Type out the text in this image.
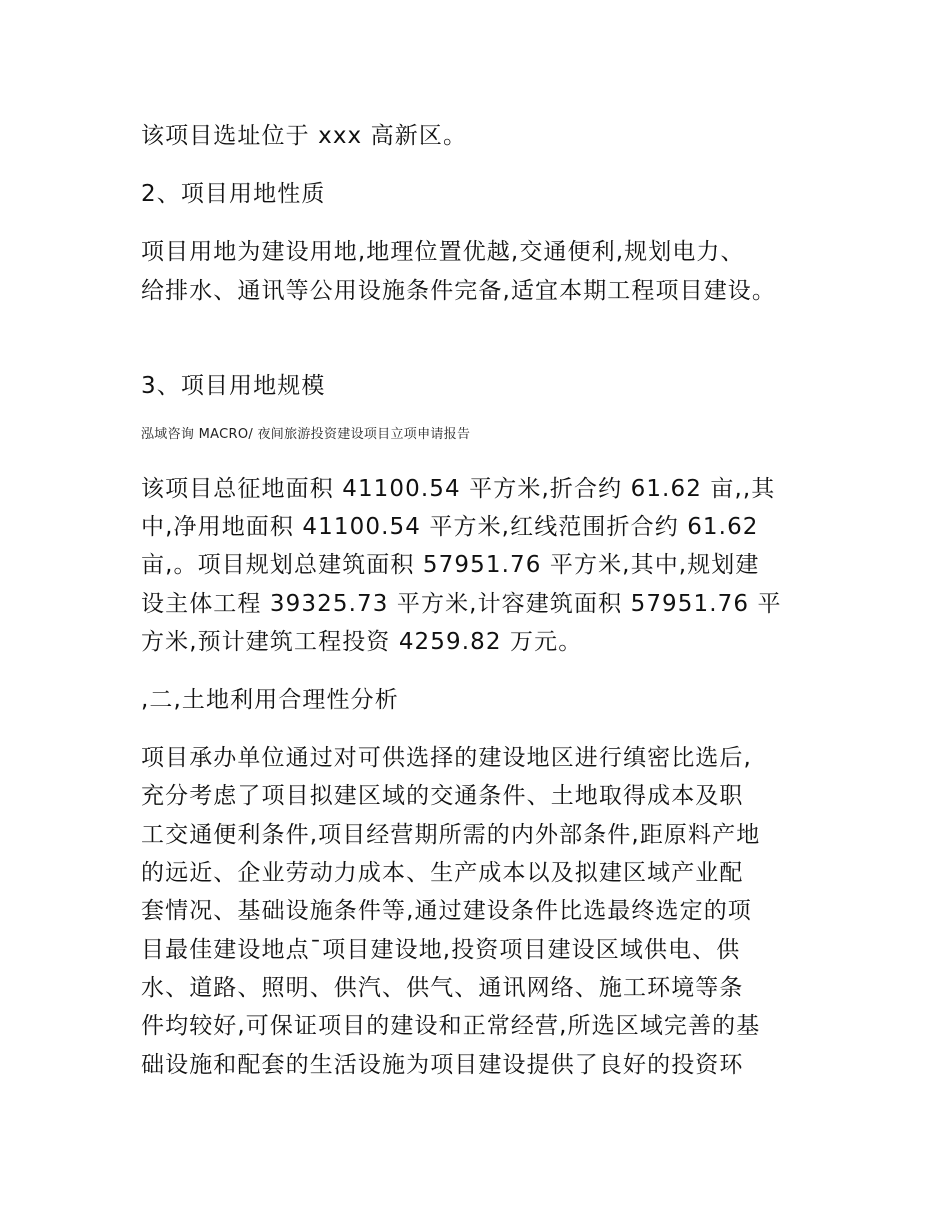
该项目选址位于 xxx 高新区。

2、项目用地性质

项目用地为建设用地,地理位置优越,交通便利,规划电力、

给排水、通讯等公用设施条件完备,适宜本期工程项目建设。

3、项目用地规模

泓域咨询 MACRO/ 夜间旅游投资建设项目立项申请报告

该项目总征地面积 41100.54 平方米,折合约 61.62 亩,,其

中,净用地面积 41100.54 平方米,红线范围折合约 61.62

亩,。项目规划总建筑面积 57951.76 平方米,其中,规划建

设主体工程 39325.73 平方米,计容建筑面积 57951.76 平

方米,预计建筑工程投资 4259.82 万元。

,二,土地利用合理性分析

项目承办单位通过对可供选择的建设地区进行缜密比选后,

充分考虑了项目拟建区域的交通条件、土地取得成本及职

工交通便利条件,项目经营期所需的内外部条件,距原料产地

的远近、企业劳动力成本、生产成本以及拟建区域产业配

套情况、基础设施条件等,通过建设条件比选最终选定的项

目最佳建设地点¯项目建设地,投资项目建设区域供电、供

水、道路、照明、供汽、供气、通讯网络、施工环境等条

件均较好,可保证项目的建设和正常经营,所选区域完善的基

础设施和配套的生活设施为项目建设提供了良好的投资环
